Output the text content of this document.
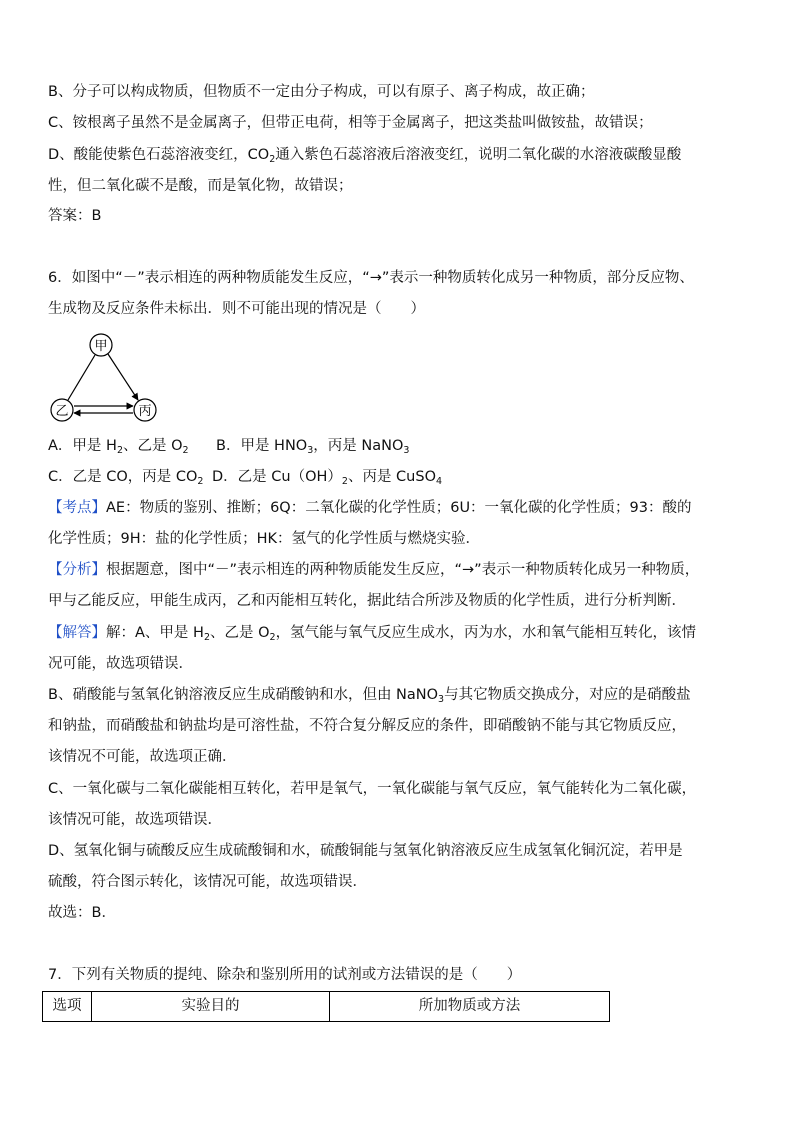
B、分子可以构成物质，但物质不一定由分子构成，可以有原子、离子构成，故正确；
C、铵根离子虽然不是金属离子，但带正电荷，相等于金属离子，把这类盐叫做铵盐，故错误；
D、酸能使紫色石蕊溶液变红，$CO_2$通入紫色石蕊溶液后溶液变红，说明二氧化碳的水溶液碳酸显酸
性，但二氧化碳不是酸，而是氧化物，故错误；
答案：B
6．如图中“－”表示相连的两种物质能发生反应，“→”表示一种物质转化成另一种物质，部分反应物、
生成物及反应条件未标出．则不可能出现的情况是（　　）
甲
乙	丙
A．甲是 $H_2$、乙是 $O_2$ B．甲是 $HNO_3$，丙是 NaNO$_3$
C．乙是 CO，丙是 $CO_2$ D．乙是 $Cu(OH)_2$、丙是 CuSO$_4$
【考点】AE：物质的鉴别、推断；6Q：二氧化碳的化学性质；6U：一氧化碳的化学性质；93：酸的
化学性质；9H：盐的化学性质；HK：氢气的化学性质与燃烧实验．
【分析】根据题意，图中“－”表示相连的两种物质能发生反应，“→”表示一种物质转化成另一种物质，
甲与乙能反应，甲能生成丙，乙和丙能相互转化，据此结合所涉及物质的化学性质，进行分析判断．
【解答】解：A、甲是 $H_2$、乙是 $O_2$，氢气能与氧气反应生成水，丙为水，水和氧气能相互转化，该情
况可能，故选项错误．
B、硝酸能与氢氧化钠溶液反应生成硝酸钠和水，但由 NaNO$_3$与其它物质交换成分，对应的是硝酸盐
和钠盐，而硝酸盐和钠盐均是可溶性盐，不符合复分解反应的条件，即硝酸钠不能与其它物质反应，
该情况不可能，故选项正确．
C、一氧化碳与二氧化碳能相互转化，若甲是氧气，一氧化碳能与氧气反应，氧气能转化为二氧化碳，
该情况可能，故选项错误．
D、氢氧化铜与硫酸反应生成硫酸铜和水，硫酸铜能与氢氧化钠溶液反应生成氢氧化铜沉淀，若甲是
硫酸，符合图示转化，该情况可能，故选项错误．
故选：B．
7．下列有关物质的提纯、除杂和鉴别所用的试剂或方法错误的是（　　）
选项	实验目的	所加物质或方法
